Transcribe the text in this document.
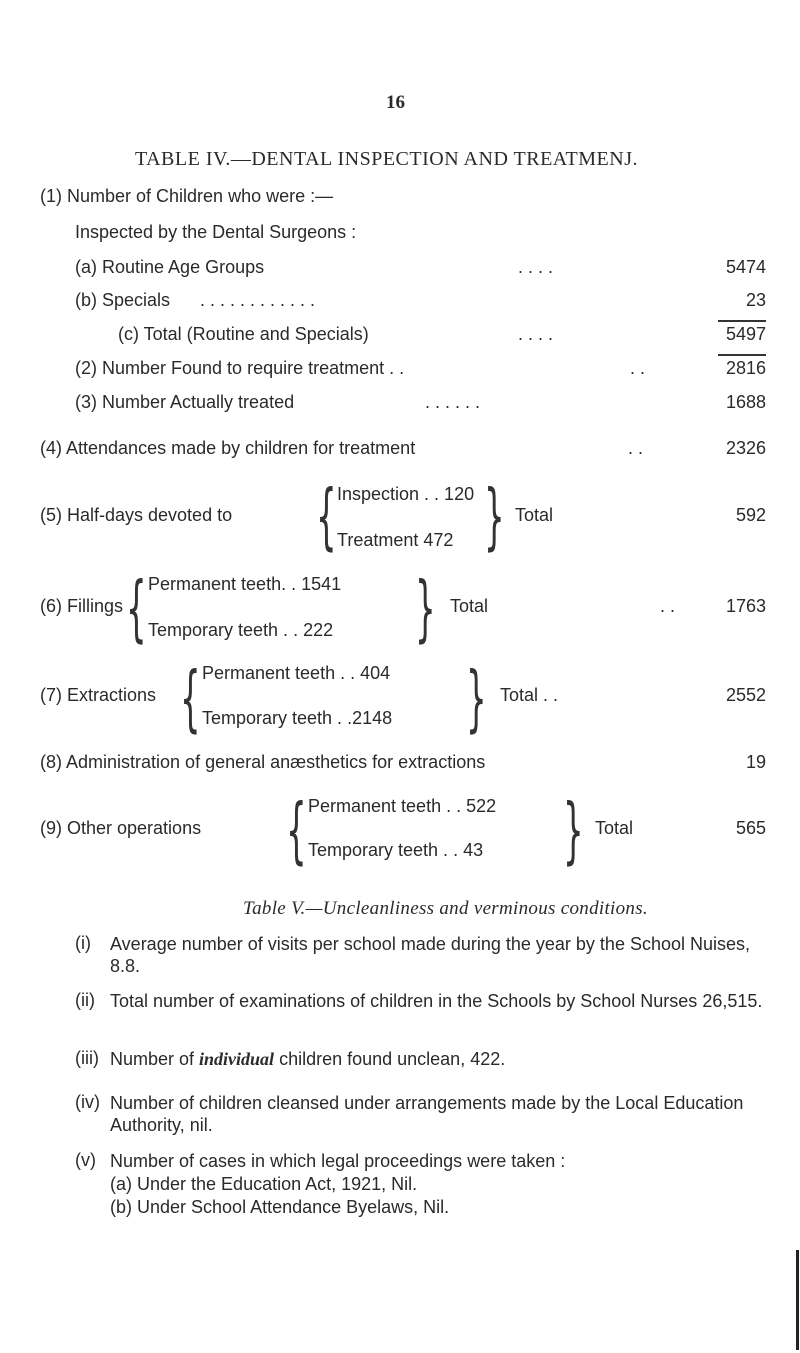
16
TABLE IV.—DENTAL INSPECTION AND TREATMENJ.
(1) Number of Children who were :—
Inspected by the Dental Surgeons :
(a) Routine Age Groups	. . . .	5474
(b) Specials . . . . . . . . . . . .	23
(c) Total (Routine and Specials)	. . . .	5497
(2) Number Found to require treatment . .	. .	2816
(3) Number Actually treated	. . . . . .	1688
(4) Attendances made by children for treatment	. .	2326
(5) Half-days devoted to { Inspection . . 120
Treatment 472 } Total	592
(6) Fillings { Permanent teeth. . 1541
Temporary teeth . . 222 } Total	. .	1763
(7) Extractions { Permanent teeth . . 404
Temporary teeth . .2148 } Total . .	2552
(8) Administration of general anæsthetics for extractions	19
(9) Other operations { Permanent teeth . . 522
Temporary teeth . . 43 } Total	565
Table V.—Uncleanliness and verminous conditions.
(i) Average number of visits per school made during the year by the School Nuises, 8.8.
(ii) Total number of examinations of children in the Schools by School Nurses 26,515.
(iii) Number of individual children found unclean, 422.
(iv) Number of children cleansed under arrangements made by the Local Education Authority, nil.
(v) Number of cases in which legal proceedings were taken :
(a) Under the Education Act, 1921, Nil.
(b) Under School Attendance Byelaws, Nil.
